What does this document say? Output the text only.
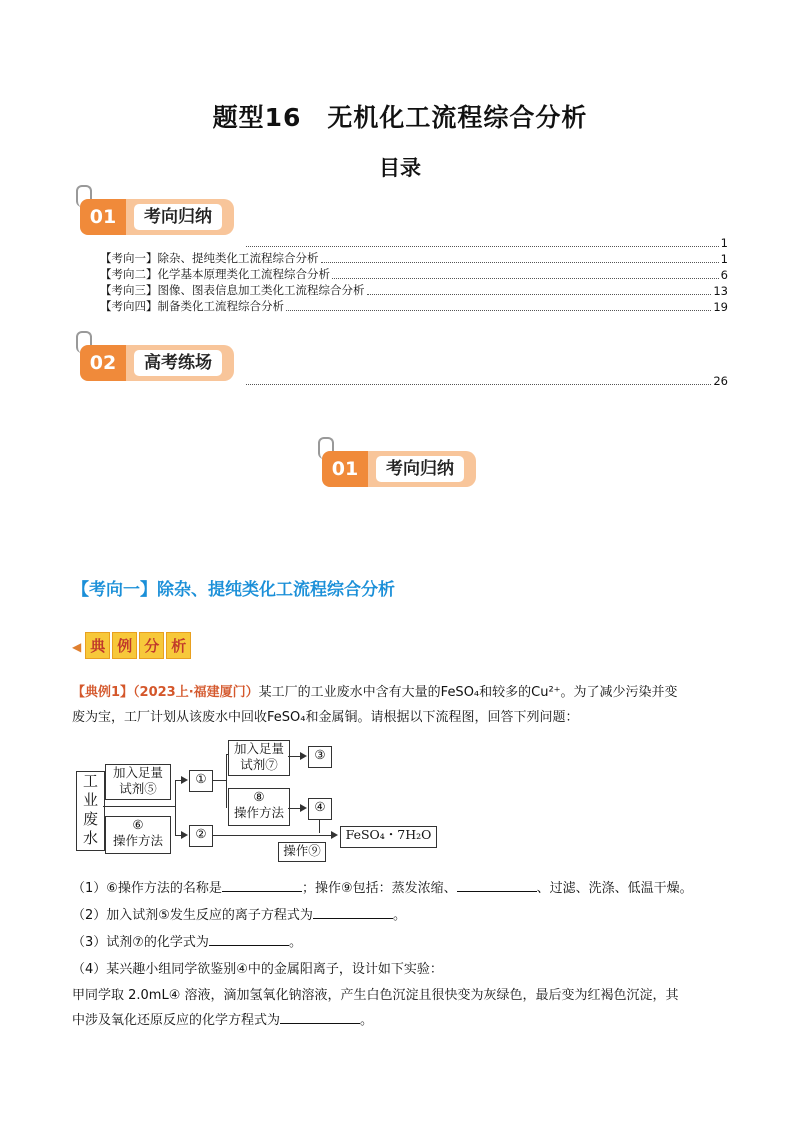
题型16　无机化工流程综合分析
目录
01	考向归纳
1
【考向一】除杂、提纯类化工流程综合分析	1
【考向二】化学基本原理类化工流程综合分析	6
【考向三】图像、图表信息加工类化工流程综合分析	13
【考向四】制备类化工流程综合分析	19
02	高考练场
26
01	考向归纳
【考向一】除杂、提纯类化工流程综合分析
◀ 典 例 分 析
【典例1】（2023上·福建厦门）某工厂的工业废水中含有大量的FeSO₄和较多的Cu²⁺。为了减少污染并变
废为宝，工厂计划从该废水中回收FeSO₄和金属铜。请根据以下流程图，回答下列问题：
工
业
废
水
加入足量
试剂⑤
⑥
操作方法
①
②
加入足量
试剂⑦
③
⑧
操作方法	④
FeSO₄・7H₂O
操作⑨
（1）⑥操作方法的名称是	；操作⑨包括：蒸发浓缩、	、过滤、洗涤、低温干燥。
（2）加入试剂⑤发生反应的离子方程式为	。
（3）试剂⑦的化学式为	。
（4）某兴趣小组同学欲鉴别④中的金属阳离子，设计如下实验：
甲同学取 2.0mL④ 溶液，滴加氢氧化钠溶液，产生白色沉淀且很快变为灰绿色，最后变为红褐色沉淀，其
中涉及氧化还原反应的化学方程式为	。
